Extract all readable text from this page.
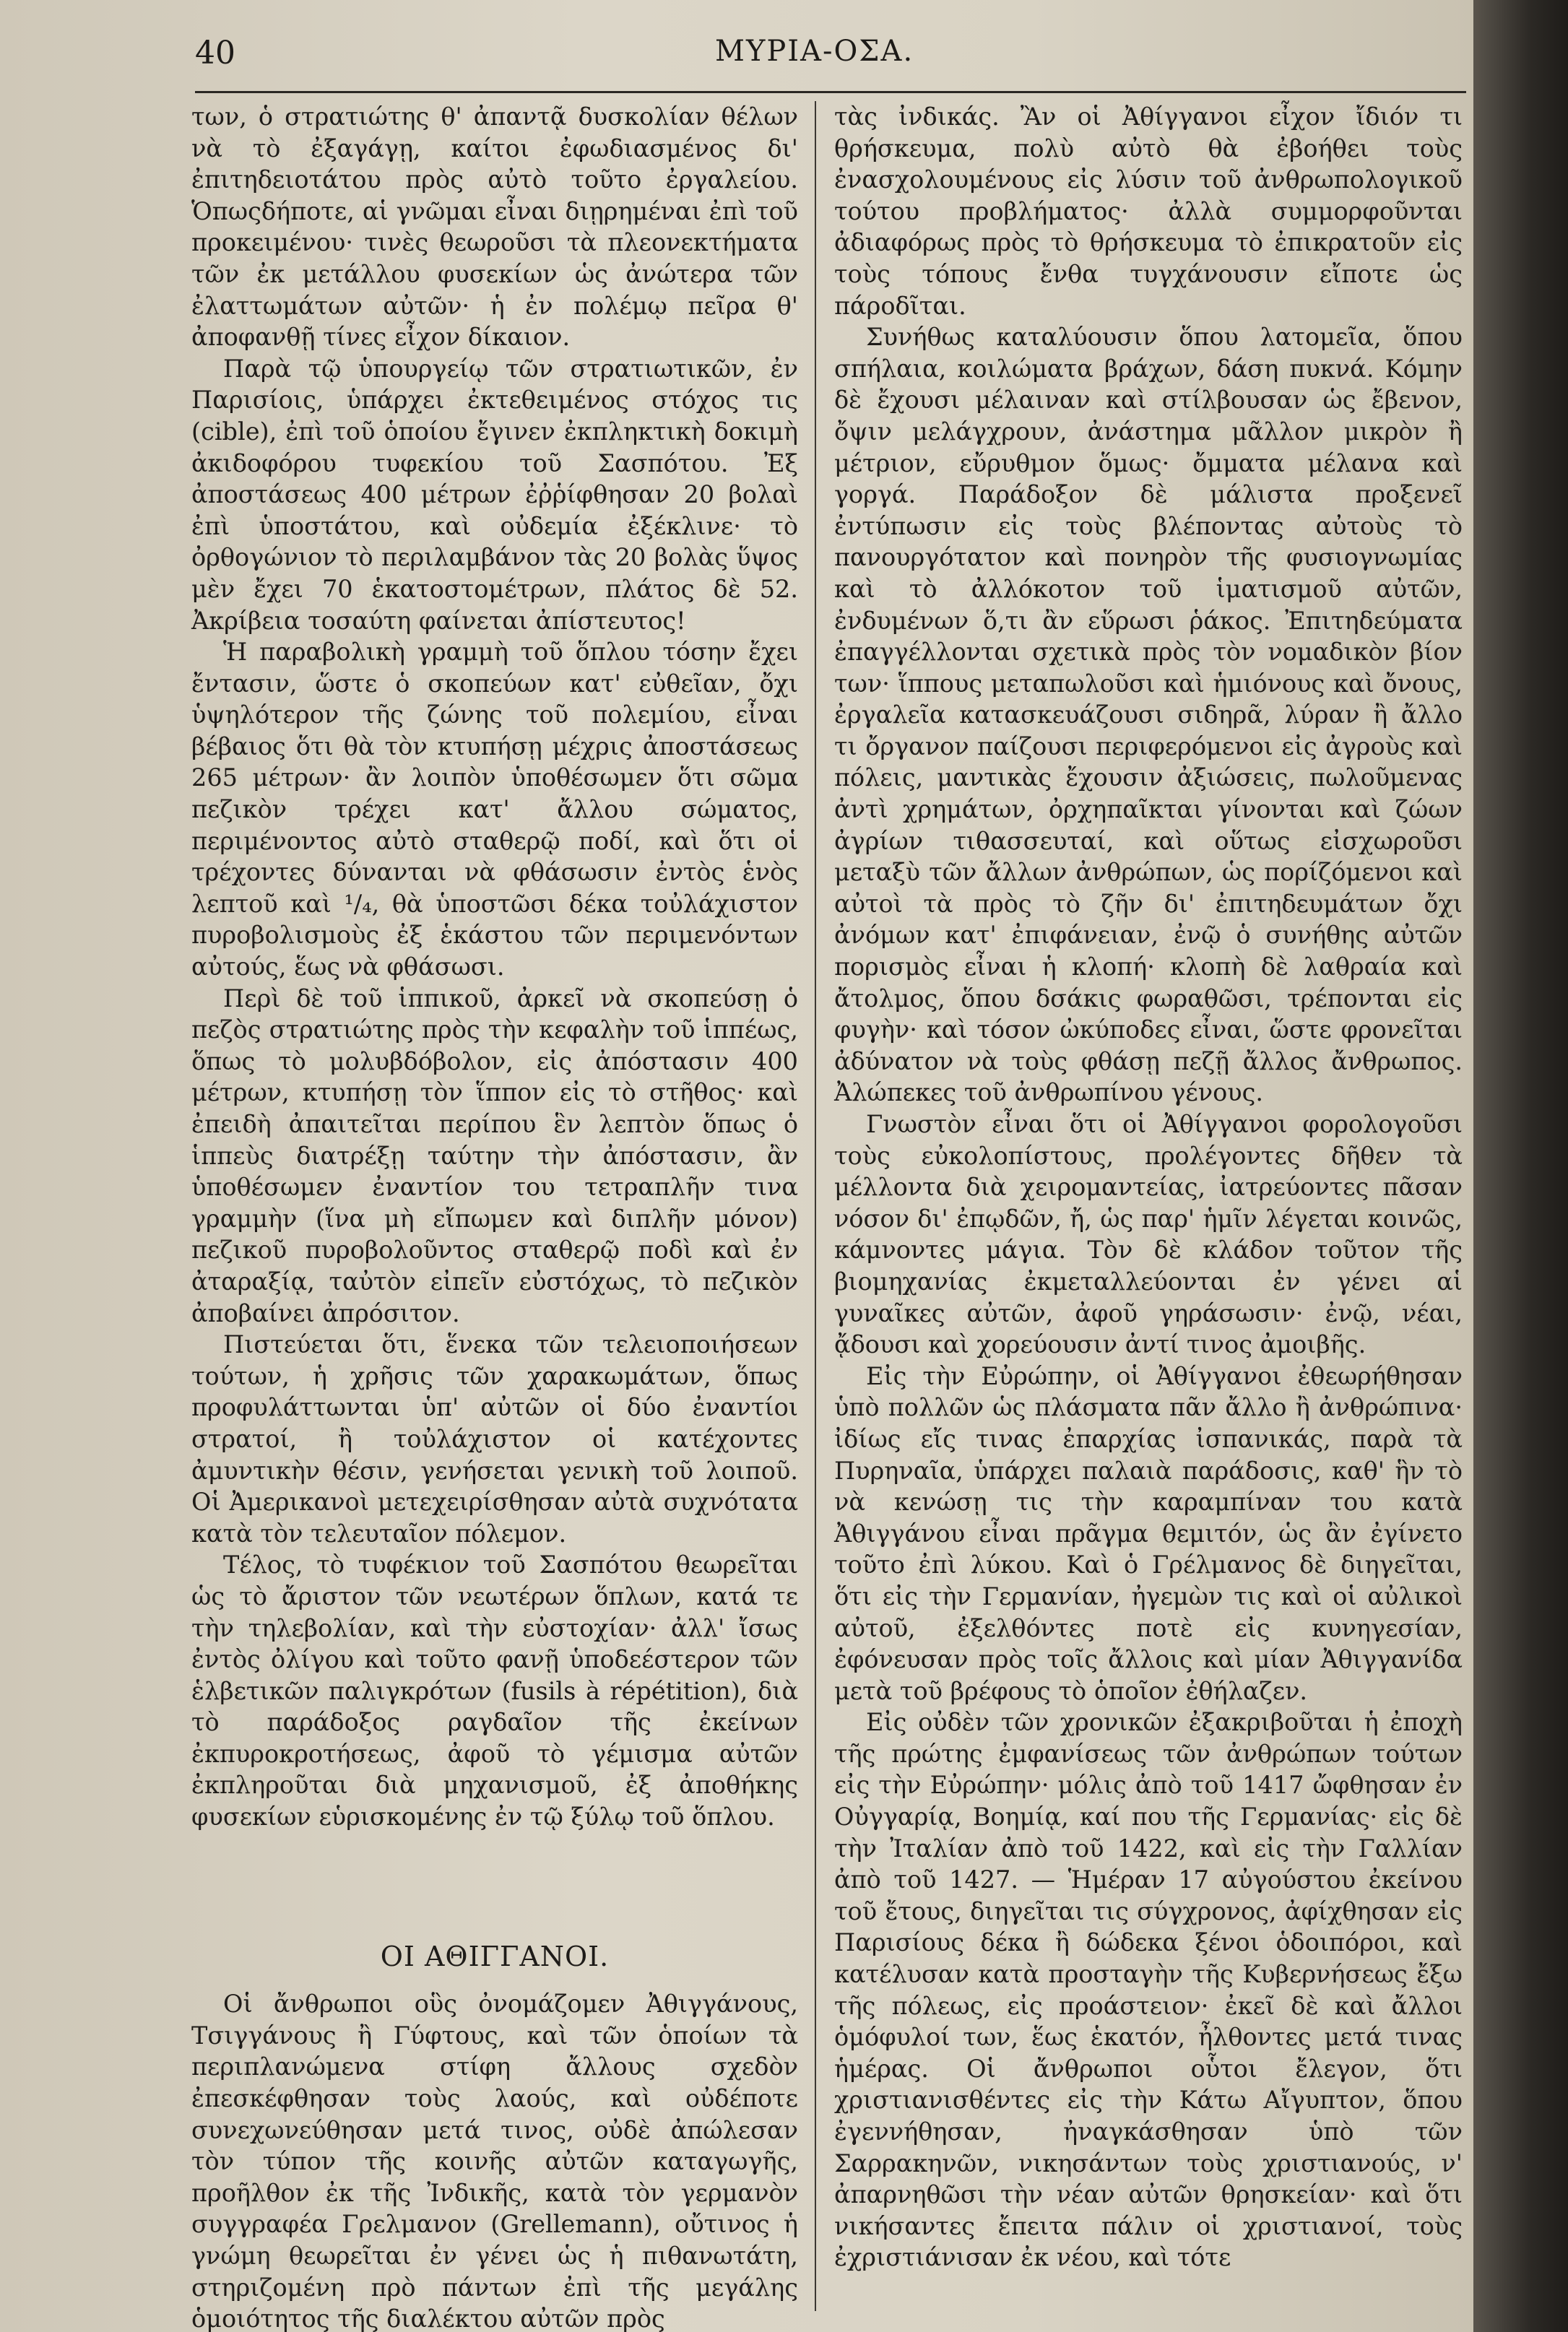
40	ΜΥΡΙΑ-ΟΣΑ.

των, ὁ στρατιώτης θ' ἀπαντᾷ δυσκολίαν θέλων νὰ τὸ ἐξαγάγῃ, καίτοι ἐφωδιασμένος δι' ἐπιτηδειοτάτου πρὸς αὐτὸ τοῦτο ἐργαλείου. Ὁπωςδήποτε, αἱ γνῶμαι εἶναι διῃρημέναι ἐπὶ τοῦ προκειμένου· τινὲς θεωροῦσι τὰ πλεονεκτήματα τῶν ἐκ μετάλλου φυσεκίων ὡς ἀνώτερα τῶν ἐλαττωμάτων αὐτῶν· ἡ ἐν πολέμῳ πεῖρα θ' ἀποφανθῇ τίνες εἶχον δίκαιον.

Παρὰ τῷ ὑπουργείῳ τῶν στρατιωτικῶν, ἐν Παρισίοις, ὑπάρχει ἐκτεθειμένος στόχος τις (cible), ἐπὶ τοῦ ὁποίου ἔγινεν ἐκπληκτικὴ δοκιμὴ ἀκιδοφόρου τυφεκίου τοῦ Σασπότου. Ἐξ ἀποστάσεως 400 μέτρων ἐῤῥίφθησαν 20 βολαὶ ἐπὶ ὑποστάτου, καὶ οὐδεμία ἐξέκλινε· τὸ ὀρθογώνιον τὸ περιλαμβάνον τὰς 20 βολὰς ὕψος μὲν ἔχει 70 ἑκατοστομέτρων, πλάτος δὲ 52. Ἀκρίβεια τοσαύτη φαίνεται ἀπίστευτος!

Ἡ παραβολικὴ γραμμὴ τοῦ ὅπλου τόσην ἔχει ἔντασιν, ὥστε ὁ σκοπεύων κατ' εὐθεῖαν, ὄχι ὑψηλότερον τῆς ζώνης τοῦ πολεμίου, εἶναι βέβαιος ὅτι θὰ τὸν κτυπήσῃ μέχρις ἀποστάσεως 265 μέτρων· ἂν λοιπὸν ὑποθέσωμεν ὅτι σῶμα πεζικὸν τρέχει κατ' ἄλλου σώματος, περιμένοντος αὐτὸ σταθερῷ ποδί, καὶ ὅτι οἱ τρέχοντες δύνανται νὰ φθάσωσιν ἐντὸς ἑνὸς λεπτοῦ καὶ ¹/₄, θὰ ὑποστῶσι δέκα τοὐλάχιστον πυροβολισμοὺς ἐξ ἑκάστου τῶν περιμενόντων αὐτούς, ἕως νὰ φθάσωσι.

Περὶ δὲ τοῦ ἱππικοῦ, ἀρκεῖ νὰ σκοπεύσῃ ὁ πεζὸς στρατιώτης πρὸς τὴν κεφαλὴν τοῦ ἱππέως, ὅπως τὸ μολυβδόβολον, εἰς ἀπόστασιν 400 μέτρων, κτυπήσῃ τὸν ἵππον εἰς τὸ στῆθος· καὶ ἐπειδὴ ἀπαιτεῖται περίπου ἓν λεπτὸν ὅπως ὁ ἱππεὺς διατρέξῃ ταύτην τὴν ἀπόστασιν, ἂν ὑποθέσωμεν ἐναντίον του τετραπλῆν τινα γραμμὴν (ἵνα μὴ εἴπωμεν καὶ διπλῆν μόνον) πεζικοῦ πυροβολοῦντος σταθερῷ ποδὶ καὶ ἐν ἀταραξίᾳ, ταὐτὸν εἰπεῖν εὐστόχως, τὸ πεζικὸν ἀποβαίνει ἀπρόσιτον.

Πιστεύεται ὅτι, ἕνεκα τῶν τελειοποιήσεων τούτων, ἡ χρῆσις τῶν χαρακωμάτων, ὅπως προφυλάττωνται ὑπ' αὐτῶν οἱ δύο ἐναντίοι στρατοί, ἢ τοὐλάχιστον οἱ κατέχοντες ἀμυντικὴν θέσιν, γενήσεται γενικὴ τοῦ λοιποῦ. Οἱ Ἀμερικανοὶ μετεχειρίσθησαν αὐτὰ συχνότατα κατὰ τὸν τελευταῖον πόλεμον.

Τέλος, τὸ τυφέκιον τοῦ Σασπότου θεωρεῖται ὡς τὸ ἄριστον τῶν νεωτέρων ὅπλων, κατά τε τὴν τηλεβολίαν, καὶ τὴν εὐστοχίαν· ἀλλ' ἴσως ἐντὸς ὀλίγου καὶ τοῦτο φανῇ ὑποδεέστερον τῶν ἑλβετικῶν παλιγκρότων (fusils à répétition), διὰ τὸ παράδοξος ραγδαῖον τῆς ἐκείνων ἐκπυροκροτήσεως, ἀφοῦ τὸ γέμισμα αὐτῶν ἐκπληροῦται διὰ μηχανισμοῦ, ἐξ ἀποθήκης φυσεκίων εὑρισκομένης ἐν τῷ ξύλῳ τοῦ ὅπλου.

ΟΙ ΑΘΙΓΓΑΝΟΙ.

Οἱ ἄνθρωποι οὓς ὀνομάζομεν Ἀθιγγάνους, Τσιγγάνους ἢ Γύφτους, καὶ τῶν ὁποίων τὰ περιπλανώμενα στίφη ἄλλους σχεδὸν ἐπεσκέφθησαν τοὺς λαούς, καὶ οὐδέποτε συνεχωνεύθησαν μετά τινος, οὐδὲ ἀπώλεσαν τὸν τύπον τῆς κοινῆς αὐτῶν καταγωγῆς, προῆλθον ἐκ τῆς Ἰνδικῆς, κατὰ τὸν γερμανὸν συγγραφέα Γρελμανον (Grellemann), οὔτινος ἡ γνώμη θεωρεῖται ἐν γένει ὡς ἡ πιθανωτάτη, στηριζομένη πρὸ πάντων ἐπὶ τῆς μεγάλης ὁμοιότητος τῆς διαλέκτου αὐτῶν πρὸς

τὰς ἰνδικάς. Ἂν οἱ Ἀθίγγανοι εἶχον ἴδιόν τι θρήσκευμα, πολὺ αὐτὸ θὰ ἐβοήθει τοὺς ἐνασχολουμένους εἰς λύσιν τοῦ ἀνθρωπολογικοῦ τούτου προβλήματος· ἀλλὰ συμμορφοῦνται ἀδιαφόρως πρὸς τὸ θρήσκευμα τὸ ἐπικρατοῦν εἰς τοὺς τόπους ἔνθα τυγχάνουσιν εἴποτε ὡς πάροδῖται.

Συνήθως καταλύουσιν ὅπου λατομεῖα, ὅπου σπήλαια, κοιλώματα βράχων, δάση πυκνά. Κόμην δὲ ἔχουσι μέλαιναν καὶ στίλβουσαν ὡς ἔβενον, ὄψιν μελάγχρουν, ἀνάστημα μᾶλλον μικρὸν ἢ μέτριον, εὔρυθμον ὅμως· ὄμματα μέλανα καὶ γοργά. Παράδοξον δὲ μάλιστα προξενεῖ ἐντύπωσιν εἰς τοὺς βλέποντας αὐτοὺς τὸ πανουργότατον καὶ πονηρὸν τῆς φυσιογνωμίας καὶ τὸ ἀλλόκοτον τοῦ ἱματισμοῦ αὐτῶν, ἐνδυμένων ὅ,τι ἂν εὕρωσι ῥάκος. Ἐπιτηδεύματα ἐπαγγέλλονται σχετικὰ πρὸς τὸν νομαδικὸν βίον των· ἵππους μεταπωλοῦσι καὶ ἡμιόνους καὶ ὄνους, ἐργαλεῖα κατασκευάζουσι σιδηρᾶ, λύραν ἢ ἄλλο τι ὄργανον παίζουσι περιφερόμενοι εἰς ἀγροὺς καὶ πόλεις, μαντικὰς ἔχουσιν ἀξιώσεις, πωλοῦμενας ἀντὶ χρημάτων, ὀρχηπαῖκται γίνονται καὶ ζώων ἀγρίων τιθασσευταί, καὶ οὕτως εἰσχωροῦσι μεταξὺ τῶν ἄλλων ἀνθρώπων, ὡς πορίζόμενοι καὶ αὐτοὶ τὰ πρὸς τὸ ζῆν δι' ἐπιτηδευμάτων ὄχι ἀνόμων κατ' ἐπιφάνειαν, ἐνῷ ὁ συνήθης αὐτῶν πορισμὸς εἶναι ἡ κλοπή· κλοπὴ δὲ λαθραία καὶ ἄτολμος, ὅπου δσάκις φωραθῶσι, τρέπονται εἰς φυγὴν· καὶ τόσον ὠκύποδες εἶναι, ὥστε φρονεῖται ἀδύνατον νὰ τοὺς φθάσῃ πεζῇ ἄλλος ἄνθρωπος. Ἀλώπεκες τοῦ ἀνθρωπίνου γένους.

Γνωστὸν εἶναι ὅτι οἱ Ἀθίγγανοι φορολογοῦσι τοὺς εὐκολοπίστους, προλέγοντες δῆθεν τὰ μέλλοντα διὰ χειρομαντείας, ἰατρεύοντες πᾶσαν νόσον δι' ἐπῳδῶν, ἤ, ὡς παρ' ἡμῖν λέγεται κοινῶς, κάμνοντες μάγια. Τὸν δὲ κλάδον τοῦτον τῆς βιομηχανίας ἐκμεταλλεύονται ἐν γένει αἱ γυναῖκες αὐτῶν, ἀφοῦ γηράσωσιν· ἐνῷ, νέαι, ᾄδουσι καὶ χορεύουσιν ἀντί τινος ἀμοιβῆς.

Εἰς τὴν Εὐρώπην, οἱ Ἀθίγγανοι ἐθεωρήθησαν ὑπὸ πολλῶν ὡς πλάσματα πᾶν ἄλλο ἢ ἀνθρώπινα· ἰδίως εἴς τινας ἐπαρχίας ἰσπανικάς, παρὰ τὰ Πυρηναῖα, ὑπάρχει παλαιὰ παράδοσις, καθ' ἣν τὸ νὰ κενώσῃ τις τὴν καραμπίναν του κατὰ Ἀθιγγάνου εἶναι πρᾶγμα θεμιτόν, ὡς ἂν ἐγίνετο τοῦτο ἐπὶ λύκου. Καὶ ὁ Γρέλμανος δὲ διηγεῖται, ὅτι εἰς τὴν Γερμανίαν, ἠγεμὼν τις καὶ οἱ αὐλικοὶ αὐτοῦ, ἐξελθόντες ποτὲ εἰς κυνηγεσίαν, ἐφόνευσαν πρὸς τοῖς ἄλλοις καὶ μίαν Ἀθιγγανίδα μετὰ τοῦ βρέφους τὸ ὁποῖον ἐθήλαζεν.

Εἰς οὐδὲν τῶν χρονικῶν ἐξακριβοῦται ἡ ἐποχὴ τῆς πρώτης ἐμφανίσεως τῶν ἀνθρώπων τούτων εἰς τὴν Εὐρώπην· μόλις ἀπὸ τοῦ 1417 ὤφθησαν ἐν Οὐγγαρίᾳ, Βοημίᾳ, καί που τῆς Γερμανίας· εἰς δὲ τὴν Ἰταλίαν ἀπὸ τοῦ 1422, καὶ εἰς τὴν Γαλλίαν ἀπὸ τοῦ 1427. — Ἡμέραν 17 αὐγούστου ἐκείνου τοῦ ἔτους, διηγεῖται τις σύγχρονος, ἀφίχθησαν εἰς Παρισίους δέκα ἢ δώδεκα ξένοι ὁδοιπόροι, καὶ κατέλυσαν κατὰ προσταγὴν τῆς Κυβερνήσεως ἔξω τῆς πόλεως, εἰς προάστειον· ἐκεῖ δὲ καὶ ἄλλοι ὁμόφυλοί των, ἕως ἑκατόν, ἦλθοντες μετά τινας ἡμέρας. Οἱ ἄνθρωποι οὗτοι ἔλεγον, ὅτι χριστιανισθέντες εἰς τὴν Κάτω Αἴγυπτον, ὅπου ἐγεννήθησαν, ἠναγκάσθησαν ὑπὸ τῶν Σαρρακηνῶν, νικησάντων τοὺς χριστιανούς, ν' ἀπαρνηθῶσι τὴν νέαν αὐτῶν θρησκείαν· καὶ ὅτι νικήσαντες ἔπειτα πάλιν οἱ χριστιανοί, τοὺς ἐχριστιάνισαν ἐκ νέου, καὶ τότε
